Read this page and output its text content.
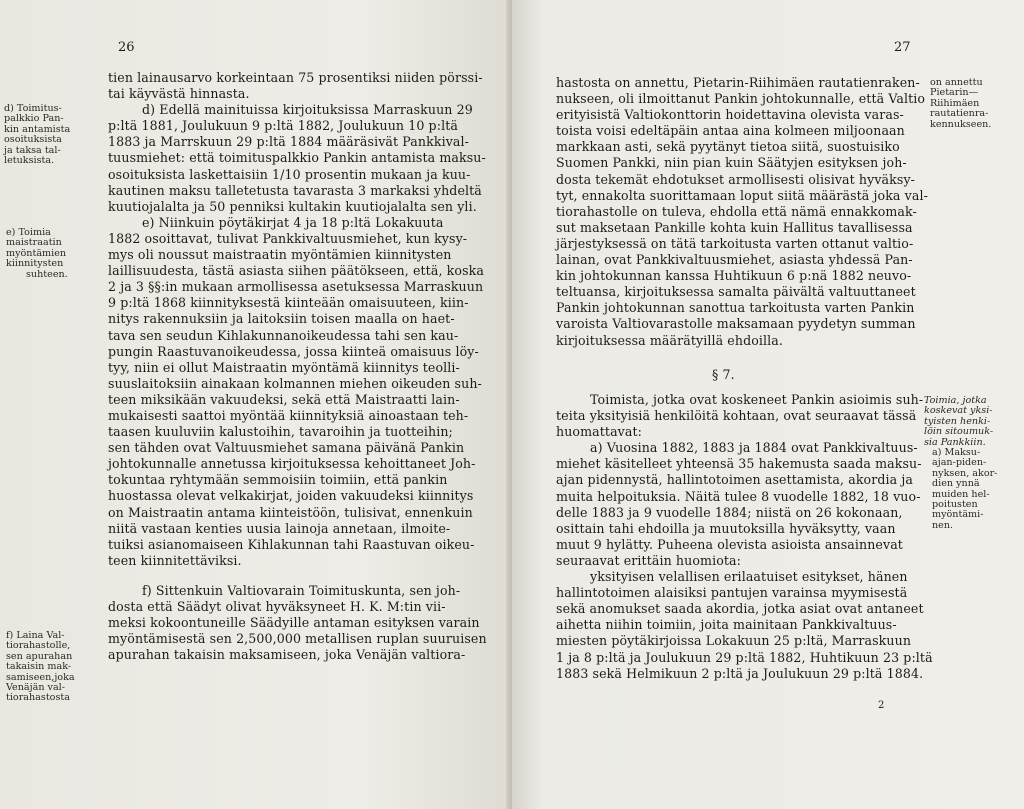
26
tien lainausarvo korkeintaan 75 prosentiksi niiden pörssi-
tai käyvästä hinnasta.
d) Edellä mainituissa kirjoituksissa Marraskuun 29
p:ltä 1881, Joulukuun 9 p:ltä 1882, Joulukuun 10 p:ltä
1883 ja Marrskuun 29 p:ltä 1884 määräsivät Pankkival-
tuusmiehet: että toimituspalkkio Pankin antamista maksu-
osoituksista laskettaisiin 1/10 prosentin mukaan ja kuu-
kautinen maksu talletetusta tavarasta 3 markaksi yhdeltä
kuutiojalalta ja 50 penniksi kultakin kuutiojalalta sen yli.
e) Niinkuin pöytäkirjat 4 ja 18 p:ltä Lokakuuta
1882 osoittavat, tulivat Pankkivaltuusmiehet, kun kysy-
mys oli noussut maistraatin myöntämien kiinnitysten
laillisuudesta, tästä asiasta siihen päätökseen, että, koska
2 ja 3 §§:in mukaan armollisessa asetuksessa Marraskuun
9 p:ltä 1868 kiinnityksestä kiinteään omaisuuteen, kiin-
nitys rakennuksiin ja laitoksiin toisen maalla on haet-
tava sen seudun Kihlakunnanoikeudessa tahi sen kau-
pungin Raastuvanoikeudessa, jossa kiinteä omaisuus löy-
tyy, niin ei ollut Maistraatin myöntämä kiinnitys teolli-
suuslaitoksiin ainakaan kolmannen miehen oikeuden suh-
teen miksikään vakuudeksi, sekä että Maistraatti lain-
mukaisesti saattoi myöntää kiinnityksiä ainoastaan teh-
taasen kuuluviin kalustoihin, tavaroihin ja tuotteihin;
sen tähden ovat Valtuusmiehet samana päivänä Pankin
johtokunnalle annetussa kirjoituksessa kehoittaneet Joh-
tokuntaa ryhtymään semmoisiin toimiin, että pankin
huostassa olevat velkakirjat, joiden vakuudeksi kiinnitys
on Maistraatin antama kiinteistöön, tulisivat, ennenkuin
niitä vastaan kenties uusia lainoja annetaan, ilmoite-
tuiksi asianomaiseen Kihlakunnan tahi Raastuvan oikeu-
teen kiinnitettäviksi.
f) Sittenkuin Valtiovarain Toimituskunta, sen joh-
dosta että Säädyt olivat hyväksyneet H. K. M:tin vii-
meksi kokoontuneille Säädyille antaman esityksen varain
myöntämisestä sen 2,500,000 metallisen ruplan suuruisen
apurahan takaisin maksamiseen, joka Venäjän valtiora-
d) Toimitus-
palkkio Pan-
kin antamista
osoituksista
ja taksa tal-
letuksista.
e) Toimia
maistraatin
myöntämien
kiinnitysten
suhteen.
f) Laina Val-
tiorahastolle,
sen apurahan
takaisin mak-
samiseen,joka
Venäjän val-
tiorahastosta
27
hastosta on annettu, Pietarin-Riihimäen rautatienraken-
nukseen, oli ilmoittanut Pankin johtokunnalle, että Valtio
erityisistä Valtiokonttorin hoidettavina olevista varas-
toista voisi edeltäpäin antaa aina kolmeen miljoonaan
markkaan asti, sekä pyytänyt tietoa siitä, suostuisiko
Suomen Pankki, niin pian kuin Säätyjen esityksen joh-
dosta tekemät ehdotukset armollisesti olisivat hyväksy-
tyt, ennakolta suorittamaan loput siitä määrästä joka val-
tiorahastolle on tuleva, ehdolla että nämä ennakkomak-
sut maksetaan Pankille kohta kuin Hallitus tavallisessa
järjestyksessä on tätä tarkoitusta varten ottanut valtio-
lainan, ovat Pankkivaltuusmiehet, asiasta yhdessä Pan-
kin johtokunnan kanssa Huhtikuun 6 p:nä 1882 neuvo-
teltuansa, kirjoituksessa samalta päivältä valtuuttaneet
Pankin johtokunnan sanottua tarkoitusta varten Pankin
varoista Valtiovarastolle maksamaan pyydetyn summan
kirjoituksessa määrätyillä ehdoilla.
§ 7.
Toimista, jotka ovat koskeneet Pankin asioimis suh-
teita yksityisiä henkilöitä kohtaan, ovat seuraavat tässä
huomattavat:
a) Vuosina 1882, 1883 ja 1884 ovat Pankkivaltuus-
miehet käsitelleet yhteensä 35 hakemusta saada maksu-
ajan pidennystä, hallintotoimen asettamista, akordia ja
muita helpoituksia. Näitä tulee 8 vuodelle 1882, 18 vuo-
delle 1883 ja 9 vuodelle 1884; niistä on 26 kokonaan,
osittain tahi ehdoilla ja muutoksilla hyväksytty, vaan
muut 9 hylätty. Puheena olevista asioista ansainnevat
seuraavat erittäin huomiota:
yksityisen velallisen erilaatuiset esitykset, hänen
hallintotoimen alaisiksi pantujen varainsa myymisestä
sekä anomukset saada akordia, jotka asiat ovat antaneet
aihetta niihin toimiin, joita mainitaan Pankkivaltuus-
miesten pöytäkirjoissa Lokakuun 25 p:ltä, Marraskuun
1 ja 8 p:ltä ja Joulukuun 29 p:ltä 1882, Huhtikuun 23 p:ltä
1883 sekä Helmikuun 2 p:ltä ja Joulukuun 29 p:ltä 1884.
on annettu
Pietarin—
Riihimäen
rautatienra-
kennukseen.
Toimia, jotka
koskevat yksi-
tyisten henki-
löin sitoumuk-
sia Pankkiin.
a) Maksu-
ajan-piden-
nyksen, akor-
dien ynnä
muiden hel-
poitusten
myöntämi-
nen.
2
